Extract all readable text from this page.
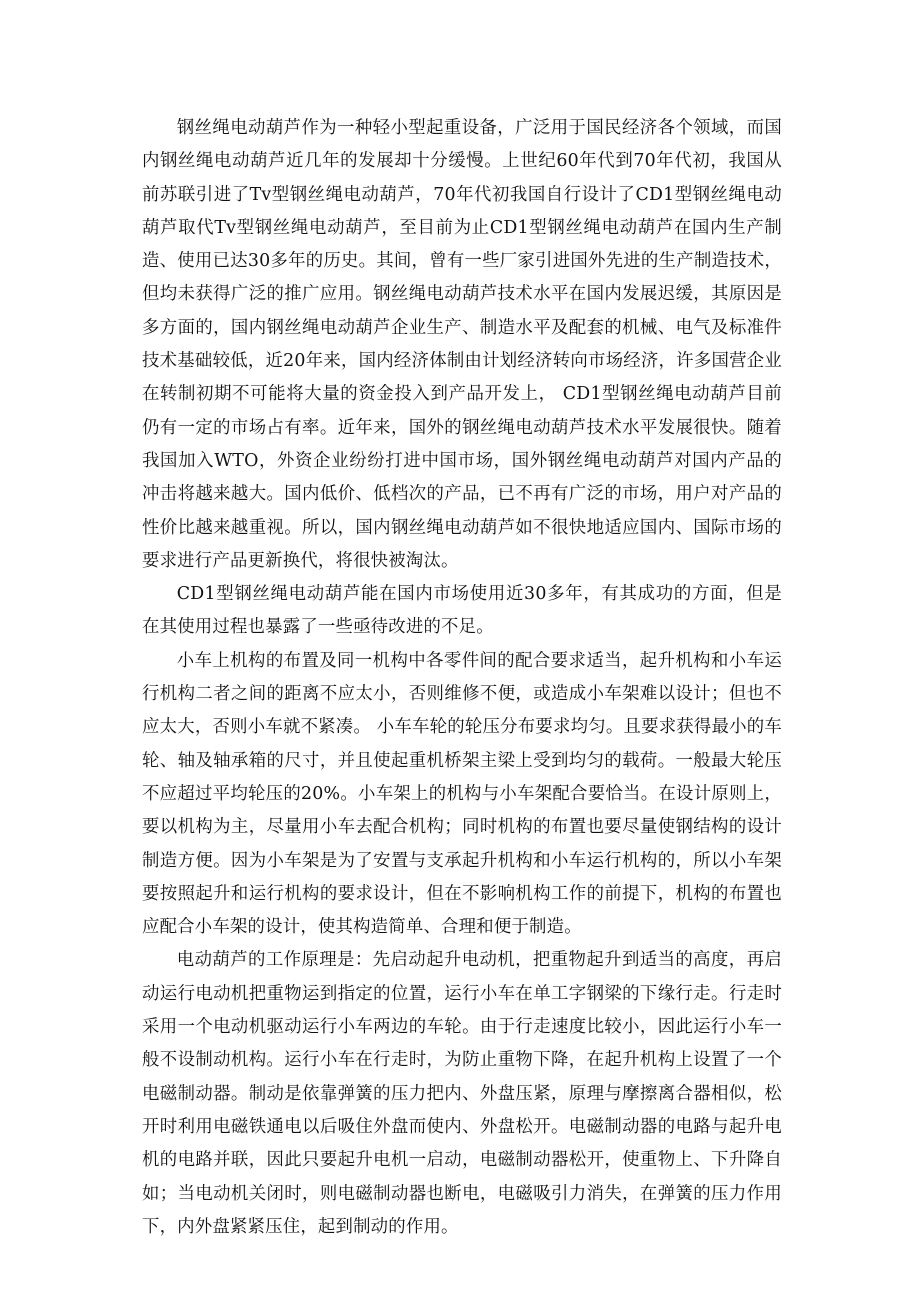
钢丝绳电动葫芦作为一种轻小型起重设备，广泛用于国民经济各个领域，而国内钢丝绳电动葫芦近几年的发展却十分缓慢。上世纪60年代到70年代初，我国从前苏联引进了Tv型钢丝绳电动葫芦，70年代初我国自行设计了CD1型钢丝绳电动 葫芦取代Tv型钢丝绳电动葫芦，至目前为止CD1型钢丝绳电动葫芦在国内生产制造、使用已达30多年的历史。其间，曾有一些厂家引进国外先进的生产制造技术，但均未获得广泛的推广应用。钢丝绳电动葫芦技术水平在国内发展迟缓，其原因是多方面的，国内钢丝绳电动葫芦企业生产、制造水平及配套的机械、电气及标准件技术基础较低，近20年来，国内经济体制由计划经济转向市场经济，许多国营企业在转制初期不可能将大量的资金投入到产品开发上， CD1型钢丝绳电动葫芦目前仍有一定的市场占有率。近年来，国外的钢丝绳电动葫芦技术水平发展很快。随着我国加入WTO，外资企业纷纷打进中国市场，国外钢丝绳电动葫芦对国内产品的冲击将越来越大。国内低价、低档次的产品，已不再有广泛的市场，用户对产品的性价比越来越重视。所以，国内钢丝绳电动葫芦如不很快地适应国内、国际市场的要求进行产品更新换代，将很快被淘汰。

CD1型钢丝绳电动葫芦能在国内市场使用近30多年，有其成功的方面，但是在其使用过程也暴露了一些亟待改进的不足。

小车上机构的布置及同一机构中各零件间的配合要求适当，起升机构和小车运行机构二者之间的距离不应太小，否则维修不便，或造成小车架难以设计；但也不应太大，否则小车就不紧凑。 小车车轮的轮压分布要求均匀。且要求获得最小的车轮、轴及轴承箱的尺寸，并且使起重机桥架主梁上受到均匀的载荷。一般最大轮压不应超过平均轮压的20%。小车架上的机构与小车架配合要恰当。在设计原则上，要以机构为主，尽量用小车去配合机构；同时机构的布置也要尽量使钢结构的设计制造方便。因为小车架是为了安置与支承起升机构和小车运行机构的，所以小车架要按照起升和运行机构的要求设计，但在不影响机构工作的前提下，机构的布置也应配合小车架的设计，使其构造简单、合理和便于制造。

电动葫芦的工作原理是：先启动起升电动机，把重物起升到适当的高度，再启动运行电动机把重物运到指定的位置，运行小车在单工字钢梁的下缘行走。行走时采用一个电动机驱动运行小车两边的车轮。由于行走速度比较小，因此运行小车一般不设制动机构。运行小车在行走时，为防止重物下降，在起升机构上设置了一个电磁制动器。制动是依靠弹簧的压力把内、外盘压紧，原理与摩擦离合器相似，松开时利用电磁铁通电以后吸住外盘而使内、外盘松开。电磁制动器的电路与起升电机的电路并联，因此只要起升电机一启动，电磁制动器松开，使重物上、下升降自如；当电动机关闭时，则电磁制动器也断电，电磁吸引力消失，在弹簧的压力作用下，内外盘紧紧压住，起到制动的作用。
